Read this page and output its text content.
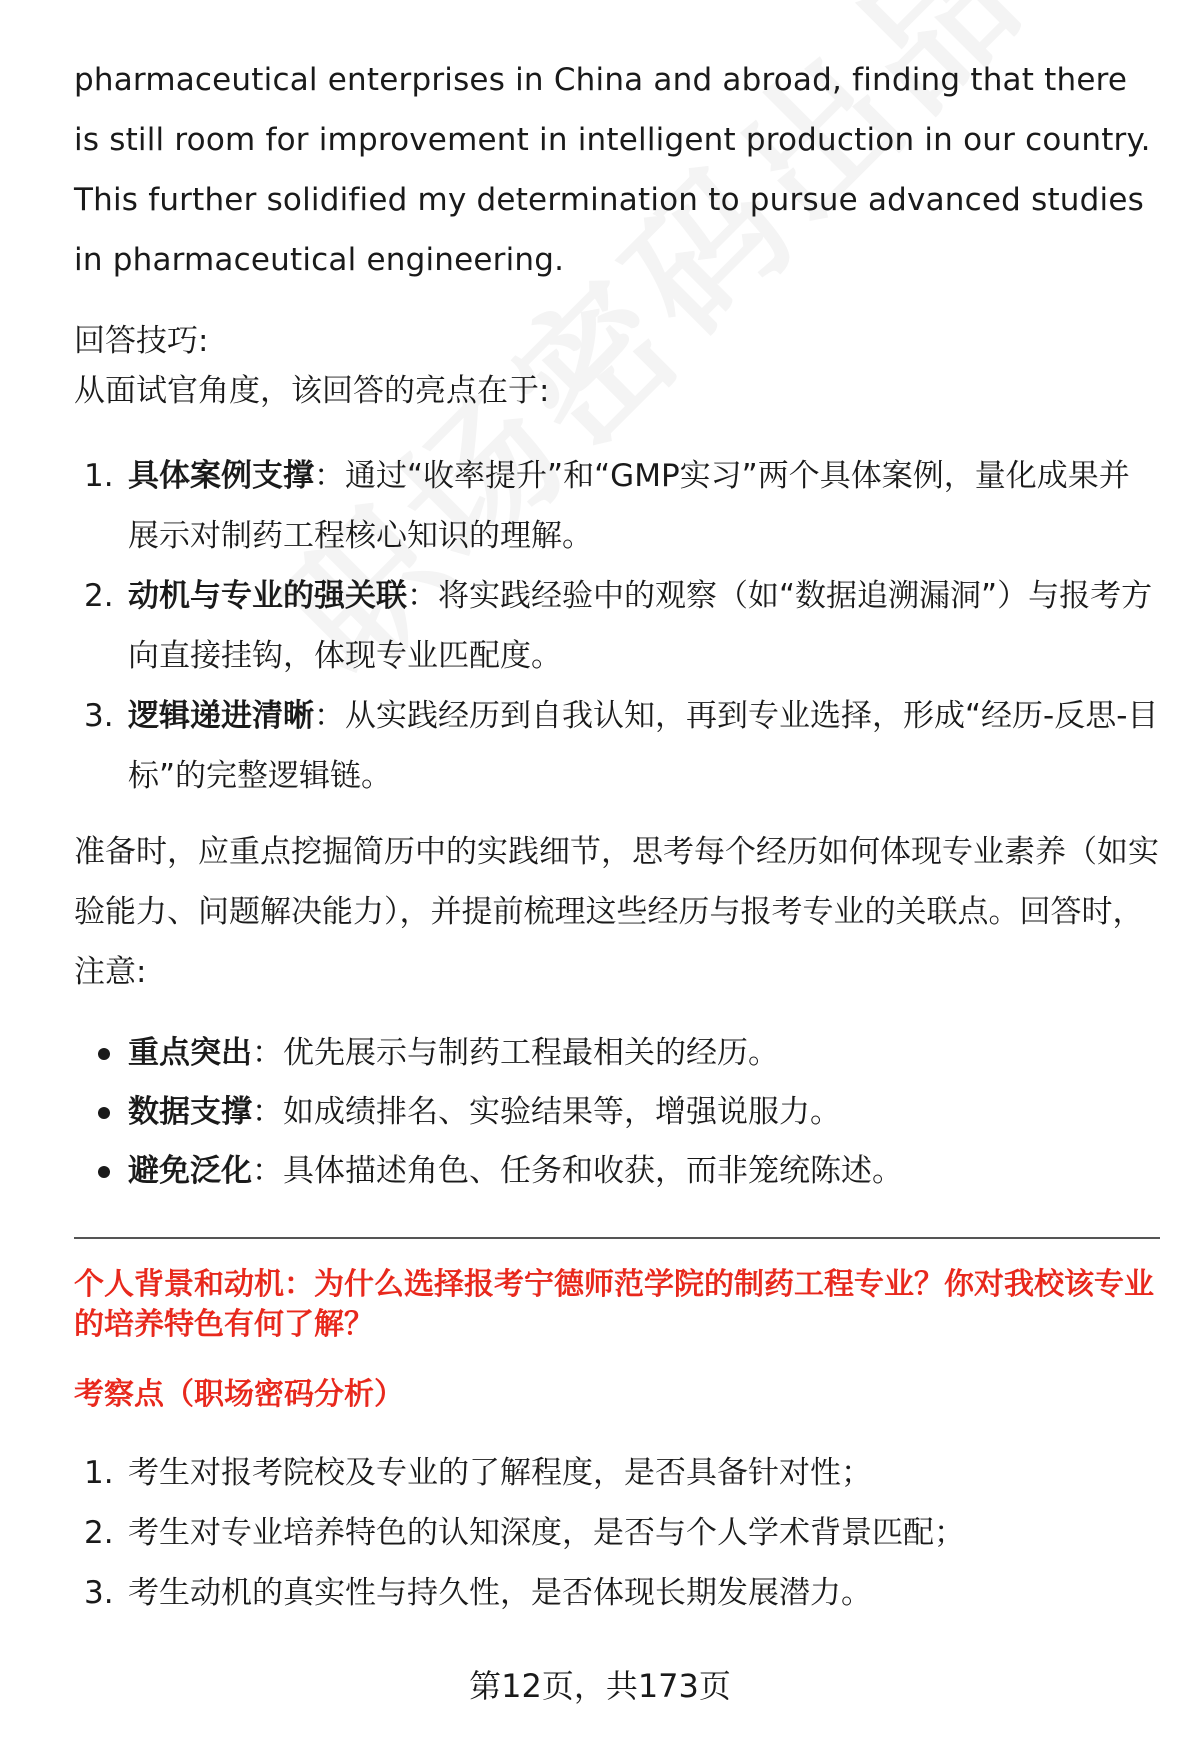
pharmaceutical enterprises in China and abroad, finding that there is still room for improvement in intelligent production in our country. This further solidified my determination to pursue advanced studies in pharmaceutical engineering.

回答技巧:

从面试官角度，该回答的亮点在于:

1. 具体案例支撑：通过“收率提升”和“GMP实习”两个具体案例，量化成果并展示对制药工程核心知识的理解。
2. 动机与专业的强关联：将实践经验中的观察（如“数据追溯漏洞”）与报考方向直接挂钩，体现专业匹配度。
3. 逻辑递进清晰：从实践经历到自我认知，再到专业选择，形成“经历-反思-目标”的完整逻辑链。

准备时，应重点挖掘简历中的实践细节，思考每个经历如何体现专业素养（如实验能力、问题解决能力），并提前梳理这些经历与报考专业的关联点。回答时，注意:

重点突出：优先展示与制药工程最相关的经历。
数据支撑：如成绩排名、实验结果等，增强说服力。
避免泛化：具体描述角色、任务和收获，而非笼统陈述。

个人背景和动机：为什么选择报考宁德师范学院的制药工程专业？你对我校该专业的培养特色有何了解？

考察点（职场密码分析）

1. 考生对报考院校及专业的了解程度，是否具备针对性；
2. 考生对专业培养特色的认知深度，是否与个人学术背景匹配；
3. 考生动机的真实性与持久性，是否体现长期发展潜力。
第12页，共173页
